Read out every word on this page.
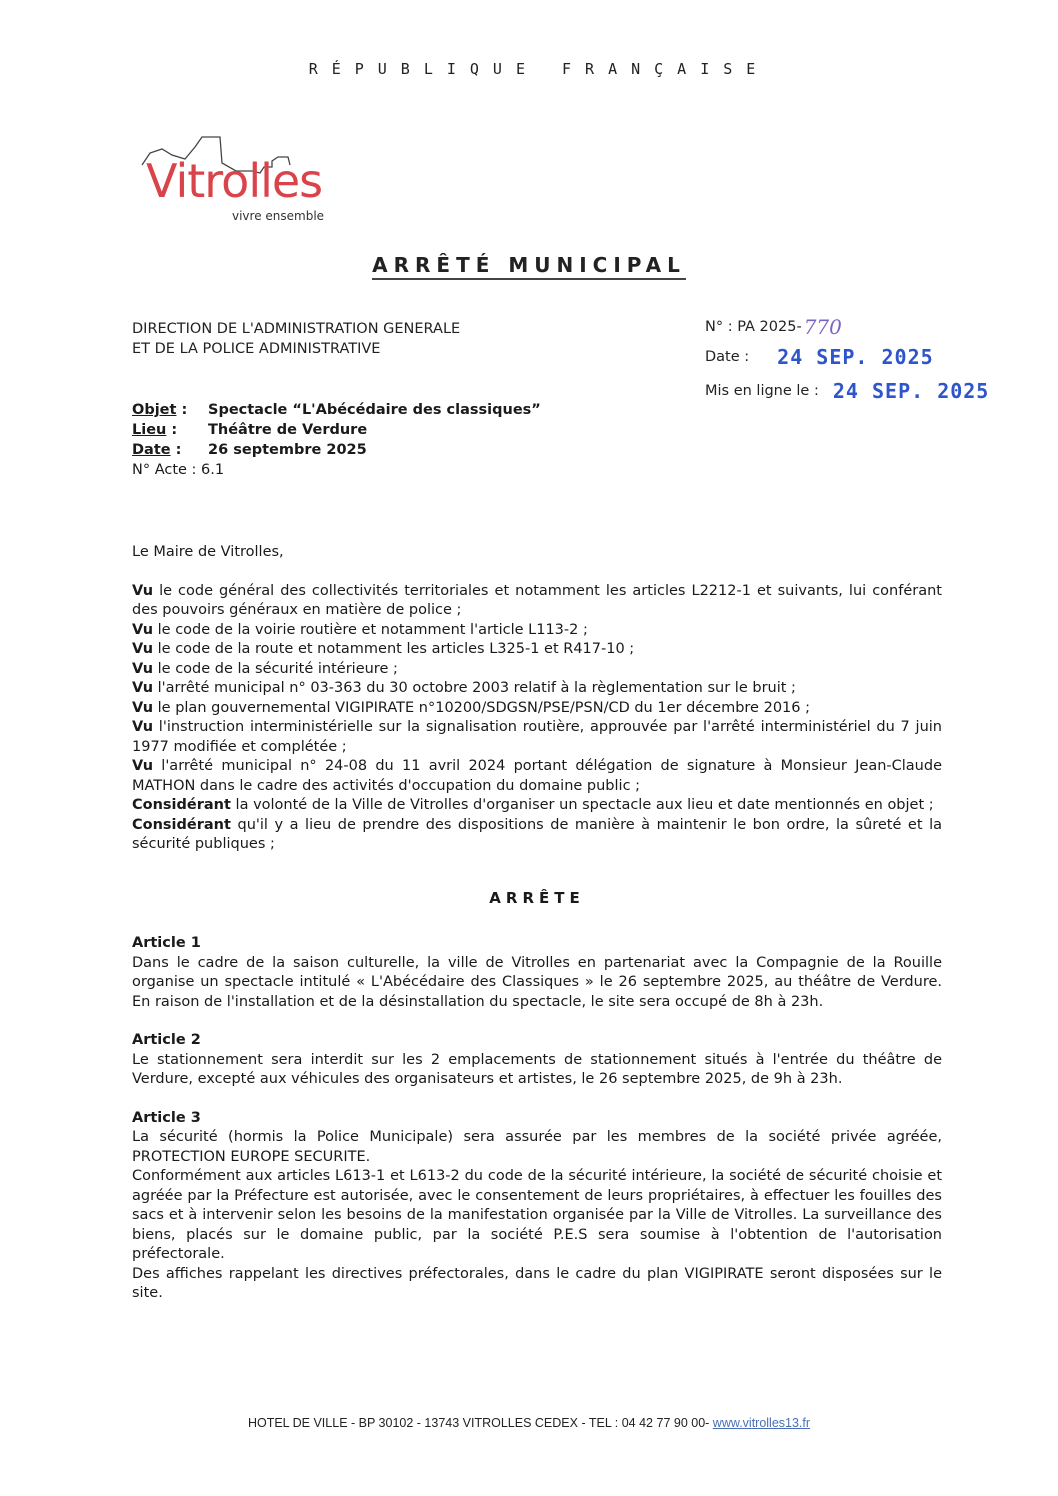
RÉPUBLIQUE FRANÇAISE
Vitrolles
vivre ensemble
ARRÊTÉ MUNICIPAL
DIRECTION DE L'ADMINISTRATION GENERALE
ET DE LA POLICE ADMINISTRATIVE
N° : PA 2025- 770
Date : 24 SEP. 2025
Mis en ligne le : 24 SEP. 2025
Objet :	Spectacle “L'Abécédaire des classiques”
Lieu :	Théâtre de Verdure
Date :	26 septembre 2025
N° Acte : 6.1

Le Maire de Vitrolles,

Vu le code général des collectivités territoriales et notamment les articles L2212-1 et suivants, lui conférant des pouvoirs généraux en matière de police ;

Vu le code de la voirie routière et notamment l'article L113-2 ;

Vu le code de la route et notamment les articles L325-1 et R417-10 ;

Vu le code de la sécurité intérieure ;

Vu l'arrêté municipal n° 03-363 du 30 octobre 2003 relatif à la règlementation sur le bruit ;

Vu le plan gouvernemental VIGIPIRATE n°10200/SDGSN/PSE/PSN/CD du 1er décembre 2016 ;

Vu l'instruction interministérielle sur la signalisation routière, approuvée par l'arrêté interministériel du 7 juin 1977 modifiée et complétée ;

Vu l'arrêté municipal n° 24-08 du 11 avril 2024 portant délégation de signature à Monsieur Jean-Claude MATHON dans le cadre des activités d'occupation du domaine public ;

Considérant la volonté de la Ville de Vitrolles d'organiser un spectacle aux lieu et date mentionnés en objet ;

Considérant qu'il y a lieu de prendre des dispositions de manière à maintenir le bon ordre, la sûreté et la sécurité publiques ;

ARRÊTE

Article 1

Dans le cadre de la saison culturelle, la ville de Vitrolles en partenariat avec la Compagnie de la Rouille organise un spectacle intitulé « L'Abécédaire des Classiques » le 26 septembre 2025, au théâtre de Verdure. En raison de l'installation et de la désinstallation du spectacle, le site sera occupé de 8h à 23h.

Article 2

Le stationnement sera interdit sur les 2 emplacements de stationnement situés à l'entrée du théâtre de Verdure, excepté aux véhicules des organisateurs et artistes, le 26 septembre 2025, de 9h à 23h.

Article 3

La sécurité (hormis la Police Municipale) sera assurée par les membres de la société privée agréée, PROTECTION EUROPE SECURITE.

Conformément aux articles L613-1 et L613-2 du code de la sécurité intérieure, la société de sécurité choisie et agréée par la Préfecture est autorisée, avec le consentement de leurs propriétaires, à effectuer les fouilles des sacs et à intervenir selon les besoins de la manifestation organisée par la Ville de Vitrolles. La surveillance des biens, placés sur le domaine public, par la société P.E.S sera soumise à l'obtention de l'autorisation préfectorale.

Des affiches rappelant les directives préfectorales, dans le cadre du plan VIGIPIRATE seront disposées sur le site.

HOTEL DE VILLE - BP 30102 - 13743 VITROLLES CEDEX - TEL : 04 42 77 90 00- www.vitrolles13.fr
